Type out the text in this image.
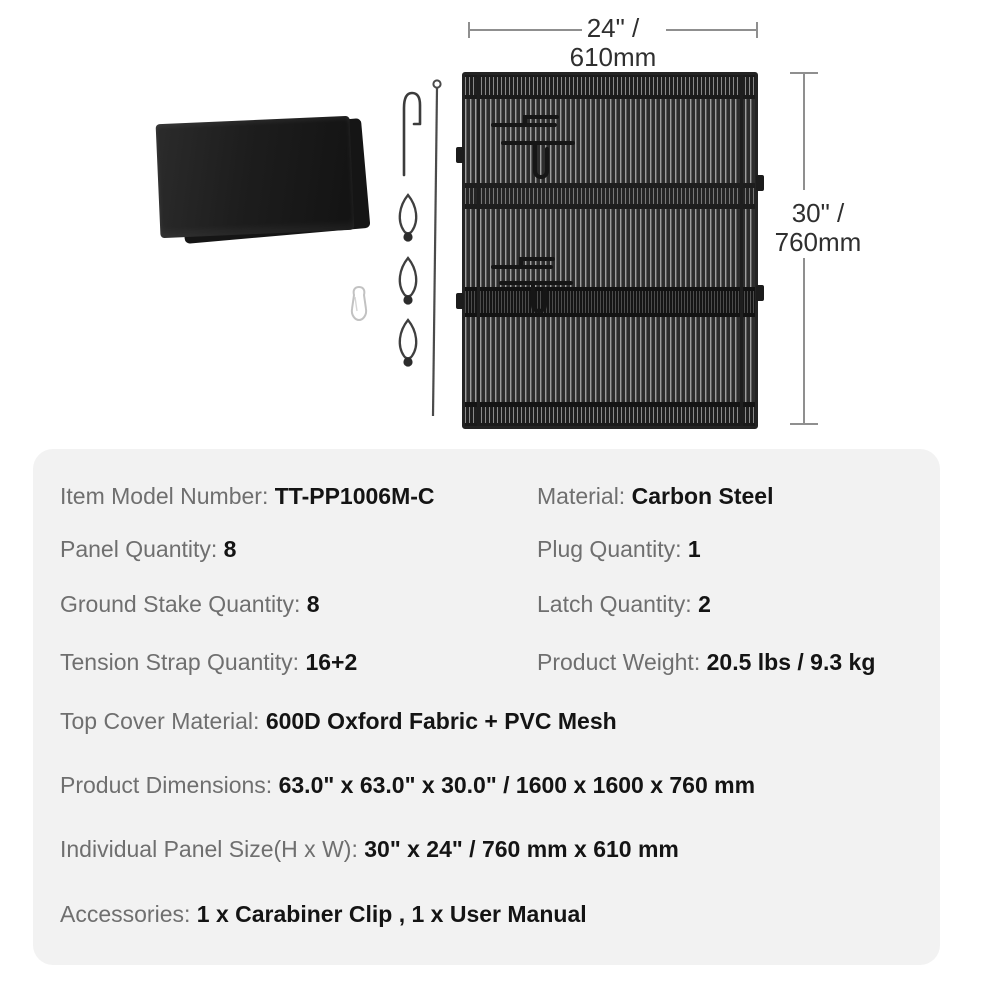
24" /
610mm
30" /
760mm
Item Model Number: TT-PP1006M-C	Material: Carbon Steel
Panel Quantity: 8	Plug Quantity: 1
Ground Stake Quantity: 8	Latch Quantity: 2
Tension Strap Quantity: 16+2	Product Weight: 20.5 lbs / 9.3 kg
Top Cover Material: 600D Oxford Fabric + PVC Mesh
Product Dimensions: 63.0" x 63.0" x 30.0" / 1600 x 1600 x 760 mm
Individual Panel Size(H x W): 30" x 24" / 760 mm x 610 mm
Accessories: 1 x Carabiner Clip , 1 x User Manual
